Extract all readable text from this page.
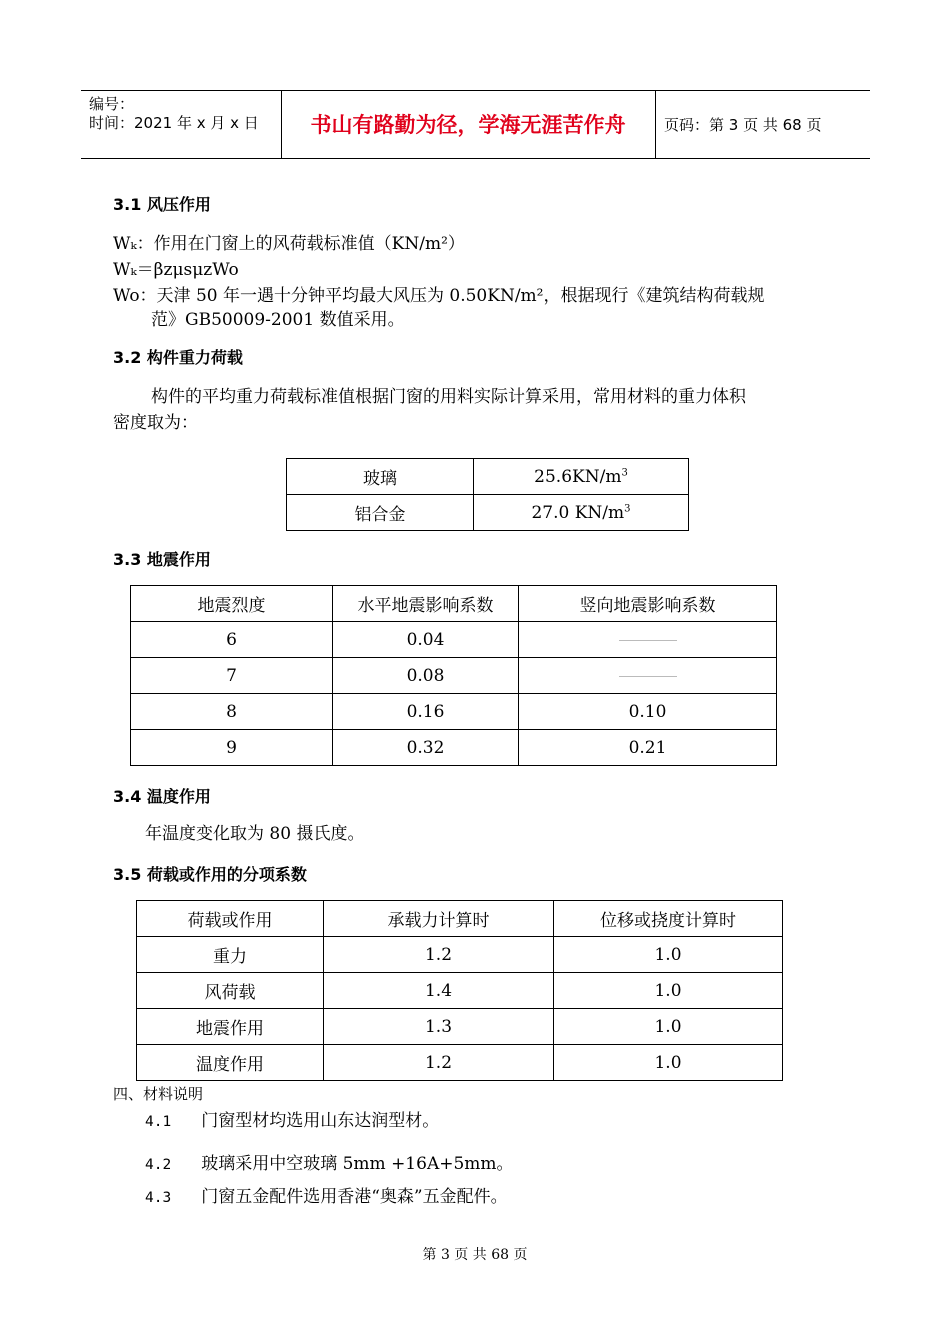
编号：
时间：2021 年 x 月 x 日	书山有路勤为径，学海无涯苦作舟	页码：第 3 页 共 68 页
3.1 风压作用
Wₖ：作用在门窗上的风荷载标准值（KN/m²）
Wₖ＝βzμsμzWo
Wo：天津 50 年一遇十分钟平均最大风压为 0.50KN/m²，根据现行《建筑结构荷载规
范》GB50009-2001 数值采用。
3.2 构件重力荷载
构件的平均重力荷载标准值根据门窗的用料实际计算采用，常用材料的重力体积
密度取为：
玻璃	$25.6KN/m^3$
铝合金	27.0 $KN/m^3$
3.3 地震作用
地震烈度	水平地震影响系数	竖向地震影响系数
6	0.04	
7	0.08	
8	0.16	0.10
9	0.32	0.21
3.4 温度作用
年温度变化取为 80 摄氏度。
3.5 荷载或作用的分项系数
荷载或作用	承载力计算时	位移或挠度计算时
重力	1.2	1.0
风荷载	1.4	1.0
地震作用	1.3	1.0
温度作用	1.2	1.0
四、材料说明
4.1 门窗型材均选用山东达润型材。
4.2 玻璃采用中空玻璃 5mm +16A+5mm。
4.3 门窗五金配件选用香港“奥森”五金配件。
第 3 页 共 68 页
